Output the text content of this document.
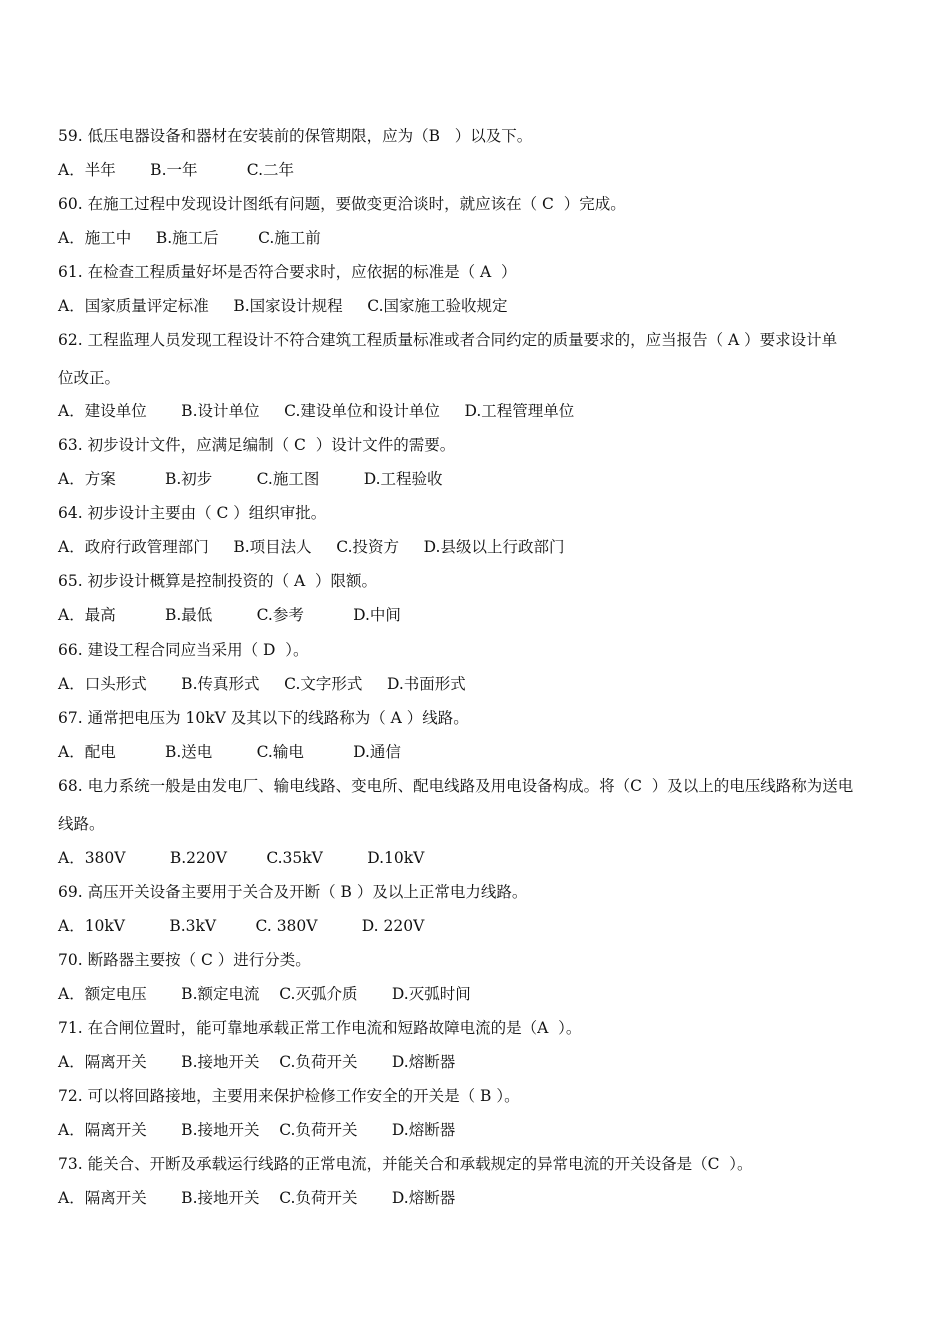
59. 低压电器设备和器材在安装前的保管期限，应为（B   ）以及下。
A．半年       B.一年          C.二年
60. 在施工过程中发现设计图纸有问题，要做变更洽谈时，就应该在（ C  ）完成。
A．施工中     B.施工后        C.施工前
61. 在检查工程质量好坏是否符合要求时，应依据的标准是（ A  ）
A．国家质量评定标准     B.国家设计规程     C.国家施工验收规定
62. 工程监理人员发现工程设计不符合建筑工程质量标准或者合同约定的质量要求的，应当报告（ A ）要求设计单
位改正。
A．建设单位       B.设计单位     C.建设单位和设计单位     D.工程管理单位
63. 初步设计文件，应满足编制（ C  ）设计文件的需要。
A．方案          B.初步         C.施工图         D.工程验收
64. 初步设计主要由（ C ）组织审批。
A．政府行政管理部门     B.项目法人     C.投资方     D.县级以上行政部门
65. 初步设计概算是控制投资的（ A  ）限额。
A．最高          B.最低         C.参考          D.中间
66. 建设工程合同应当采用（ D  ）。
A．口头形式       B.传真形式     C.文字形式     D.书面形式
67. 通常把电压为 10kV 及其以下的线路称为（ A ）线路。
A．配电          B.送电         C.输电          D.通信
68. 电力系统一般是由发电厂、输电线路、变电所、配电线路及用电设备构成。将（C  ）及以上的电压线路称为送电
线路。
A．380V         B.220V        C.35kV         D.10kV
69. 高压开关设备主要用于关合及开断（ B ）及以上正常电力线路。
A．10kV         B.3kV        C. 380V         D. 220V
70. 断路器主要按（ C ）进行分类。
A．额定电压       B.额定电流    C.灭弧介质       D.灭弧时间
71. 在合闸位置时，能可靠地承载正常工作电流和短路故障电流的是（A  ）。
A．隔离开关       B.接地开关    C.负荷开关       D.熔断器
72. 可以将回路接地，主要用来保护检修工作安全的开关是（ B ）。
A．隔离开关       B.接地开关    C.负荷开关       D.熔断器
73. 能关合、开断及承载运行线路的正常电流，并能关合和承载规定的异常电流的开关设备是（C  ）。
A．隔离开关       B.接地开关    C.负荷开关       D.熔断器
